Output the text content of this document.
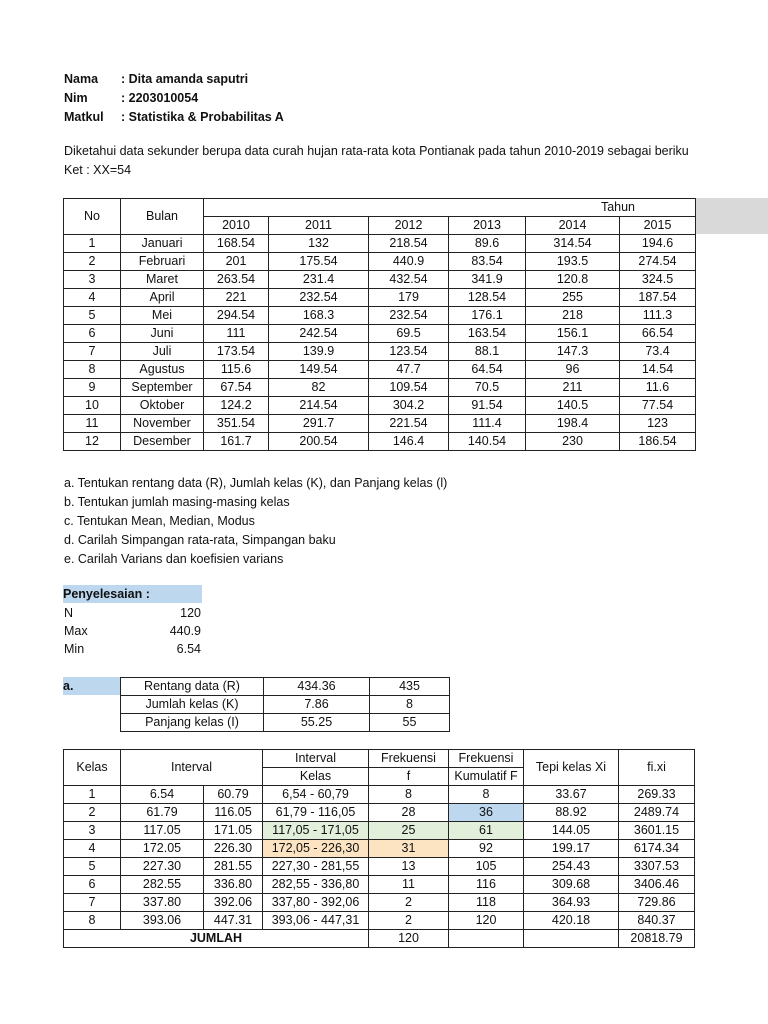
Nama : Dita amanda saputri
Nim	: 2203010054
Matkul : Statistika & Probabilitas A
Diketahui data sekunder berupa data curah hujan rata-rata kota Pontianak pada tahun 2010-2019 sebagai beriku
Ket : XX=54
No	Bulan	Tahun					
		2010	2011	2012	2013	2014	2015
1	Januari	168.54	132	218.54	89.6	314.54	194.6
2	Februari	201	175.54	440.9	83.54	193.5	274.54
3	Maret	263.54	231.4	432.54	341.9	120.8	324.5
4	April	221	232.54	179	128.54	255	187.54
5	Mei	294.54	168.3	232.54	176.1	218	111.3
6	Juni	111	242.54	69.5	163.54	156.1	66.54
7	Juli	173.54	139.9	123.54	88.1	147.3	73.4
8	Agustus	115.6	149.54	47.7	64.54	96	14.54
9	September	67.54	82	109.54	70.5	211	11.6
10	Oktober	124.2	214.54	304.2	91.54	140.5	77.54
11	November	351.54	291.7	221.54	111.4	198.4	123
12	Desember	161.7	200.54	146.4	140.54	230	186.54
a. Tentukan rentang data (R), Jumlah kelas (K), dan Panjang kelas (l)
b. Tentukan jumlah masing-masing kelas
c. Tentukan Mean, Median, Modus
d. Carilah Simpangan rata-rata, Simpangan baku
e. Carilah Varians dan koefisien varians
Penyelesaian :
N	120
Max	440.9
Min	6.54
a.	Rentang data (R)	434.36	435
Jumlah kelas (K)	7.86	8
Panjang kelas (I)	55.25	55
Kelas	Interval		Interval	Frekuensi	Frekuensi	Tepi kelas Xi	fi.xi
			Kelas	f	Kumulatif F		
1	6.54	60.79	6,54 - 60,79	8	8	33.67	269.33
2	61.79	116.05	61,79 - 116,05	28	36	88.92	2489.74
3	117.05	171.05	117,05 - 171,05	25	61	144.05	3601.15
4	172.05	226.30	172,05 - 226,30	31	92	199.17	6174.34
5	227.30	281.55	227,30 - 281,55	13	105	254.43	3307.53
6	282.55	336.80	282,55 - 336,80	11	116	309.68	3406.46
7	337.80	392.06	337,80 - 392,06	2	118	364.93	729.86
8	393.06	447.31	393,06 - 447,31	2	120	420.18	840.37
JUMLAH				120			20818.79
